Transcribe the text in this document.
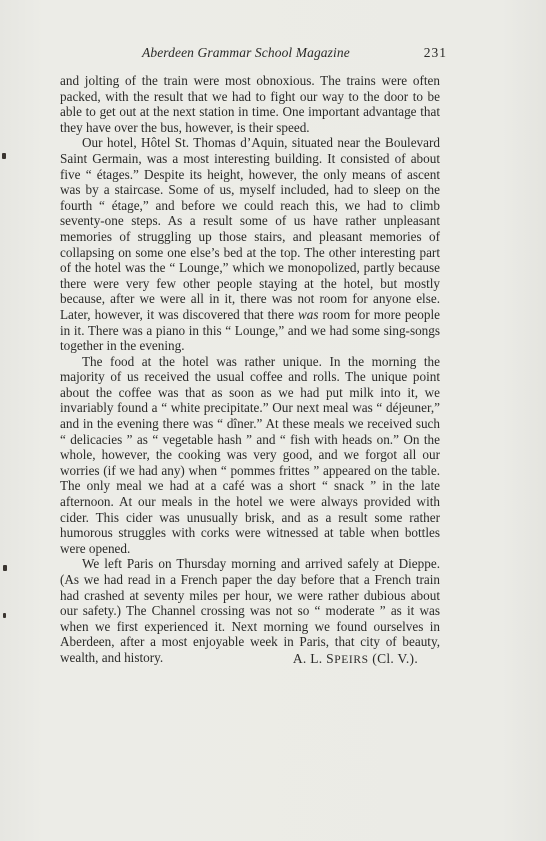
Aberdeen Grammar School Magazine	231

and jolting of the train were most obnoxious. The trains were often packed, with the result that we had to fight our way to the door to be able to get out at the next station in time. One important advantage that they have over the bus, however, is their speed.

Our hotel, Hôtel St. Thomas d’Aquin, situated near the Boulevard Saint Germain, was a most interesting building. It consisted of about five “ étages.” Despite its height, however, the only means of ascent was by a staircase. Some of us, myself included, had to sleep on the fourth “ étage,” and before we could reach this, we had to climb seventy-one steps. As a result some of us have rather unpleasant memories of struggling up those stairs, and pleasant memories of collapsing on some one else’s bed at the top. The other interesting part of the hotel was the “ Lounge,” which we monopolized, partly because there were very few other people staying at the hotel, but mostly because, after we were all in it, there was not room for anyone else. Later, however, it was discovered that there was room for more people in it. There was a piano in this “ Lounge,” and we had some sing-songs together in the evening.

The food at the hotel was rather unique. In the morning the majority of us received the usual coffee and rolls. The unique point about the coffee was that as soon as we had put milk into it, we invariably found a “ white precipitate.” Our next meal was “ déjeuner,” and in the evening there was “ dîner.” At these meals we received such “ delicacies ” as “ vegetable hash ” and “ fish with heads on.” On the whole, however, the cooking was very good, and we forgot all our worries (if we had any) when “ pommes frittes ” appeared on the table. The only meal we had at a café was a short “ snack ” in the late afternoon. At our meals in the hotel we were always provided with cider. This cider was unusually brisk, and as a result some rather humorous struggles with corks were witnessed at table when bottles were opened.

We left Paris on Thursday morning and arrived safely at Dieppe. (As we had read in a French paper the day before that a French train had crashed at seventy miles per hour, we were rather dubious about our safety.) The Channel crossing was not so “ moderate ” as it was when we first experienced it. Next morning we found ourselves in Aberdeen, after a most enjoyable week in Paris, that city of beauty, wealth, and history.	A. L. SPEIRS (Cl. V.).
